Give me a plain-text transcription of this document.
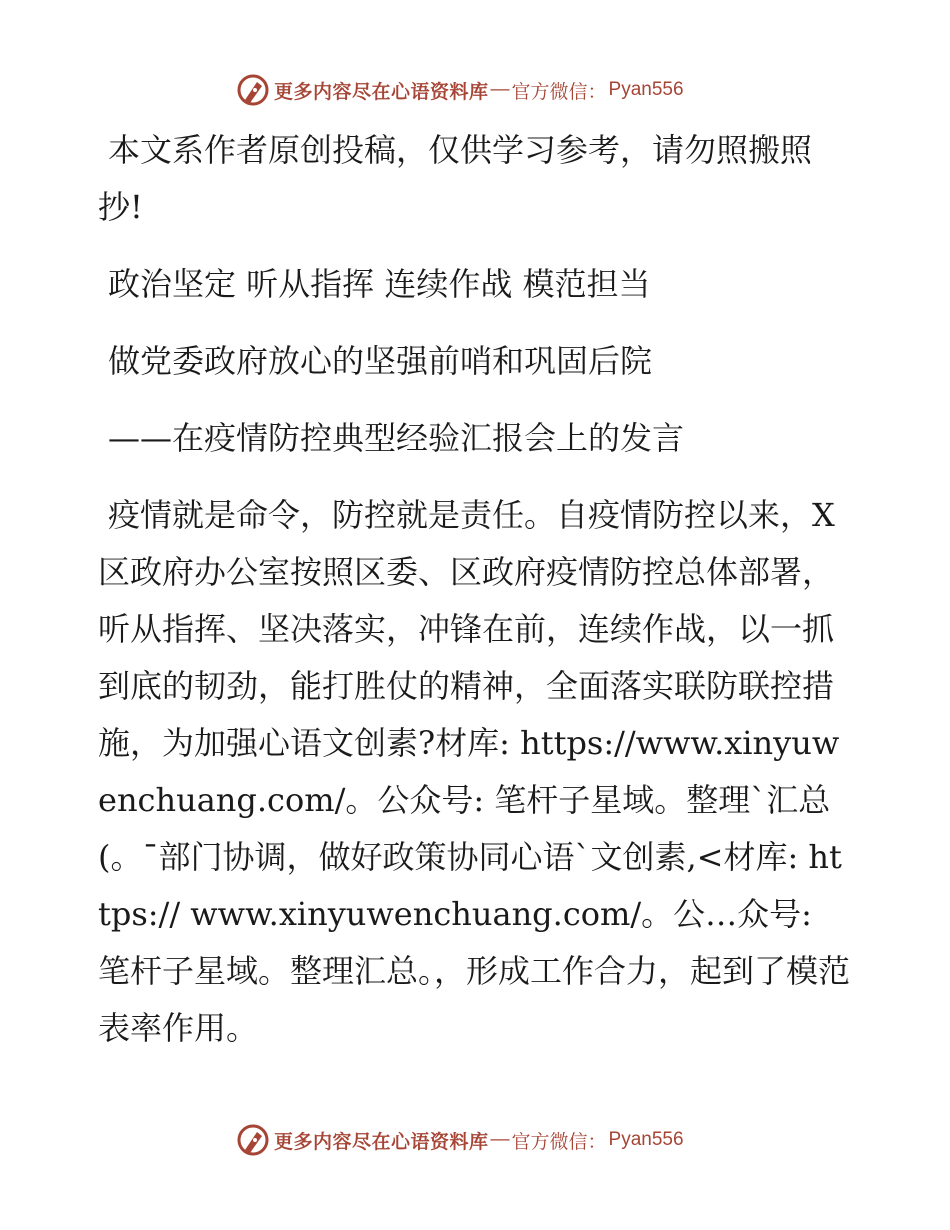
更多内容尽在心语资料库 — 官方微信： Pyan556

本文系作者原创投稿，仅供学习参考，请勿照搬照抄!

政治坚定 听从指挥 连续作战 模范担当

做党委政府放心的坚强前哨和巩固后院

——在疫情防控典型经验汇报会上的发言

疫情就是命令，防控就是责任。自疫情防控以来，X区政府办公室按照区委、区政府疫情防控总体部署，听从指挥、坚决落实，冲锋在前，连续作战，以一抓到底的韧劲，能打胜仗的精神，全面落实联防联控措施，为加强心语文创素?材库: https://www.xinyuwenchuang.com/。公众号: 笔杆子星域。整理`汇总(。¯部门协调，做好政策协同心语`文创素,<材库: https:// www.xinyuwenchuang.com/。公…众号: 笔杆子星域。整理汇总。，形成工作合力，起到了模范表率作用。

更多内容尽在心语资料库 — 官方微信： Pyan556
